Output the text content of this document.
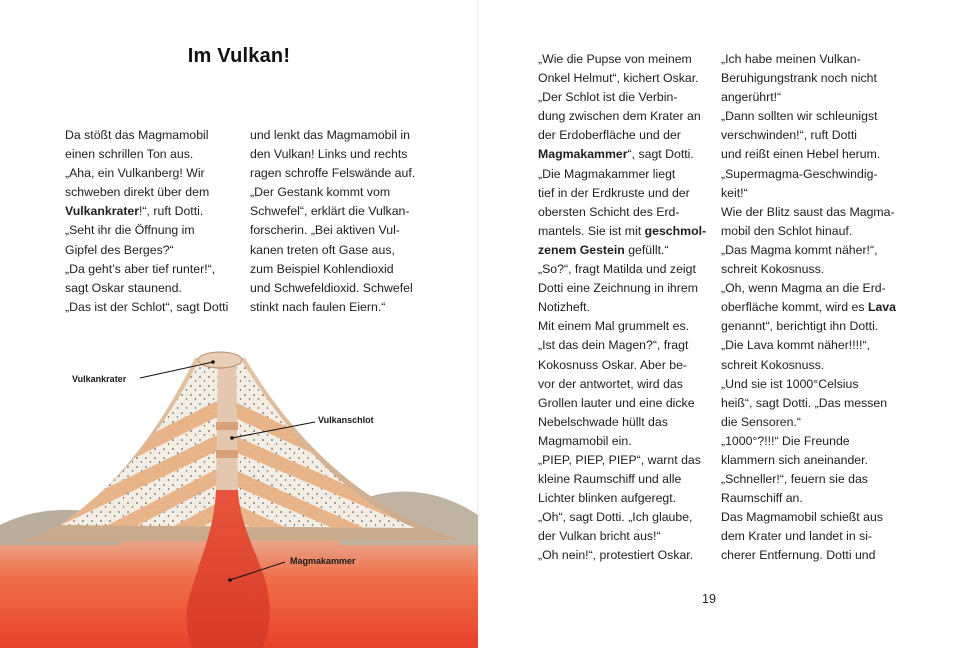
Im Vulkan!
Da stößt das Magmamobil
einen schrillen Ton aus.
„Aha, ein Vulkanberg! Wir
schweben direkt über dem
Vulkankrater!“, ruft Dotti.
„Seht ihr die Öffnung im
Gipfel des Berges?“
„Da geht’s aber tief runter!“,
sagt Oskar staunend.
„Das ist der Schlot“, sagt Dotti
und lenkt das Magmamobil in
den Vulkan! Links und rechts
ragen schroffe Felswände auf.
„Der Gestank kommt vom
Schwefel“, erklärt die Vulkan-
forscherin. „Bei aktiven Vul-
kanen treten oft Gase aus,
zum Beispiel Kohlendioxid
und Schwefeldioxid. Schwefel
stinkt nach faulen Eiern.“
„Wie die Pupse von meinem
Onkel Helmut“, kichert Oskar.
„Der Schlot ist die Verbin-
dung zwischen dem Krater an
der Erdoberfläche und der
Magmakammer“, sagt Dotti.
„Die Magmakammer liegt
tief in der Erdkruste und der
obersten Schicht des Erd-
mantels. Sie ist mit geschmol-
zenem Gestein gefüllt.“
„So?“, fragt Matilda und zeigt
Dotti eine Zeichnung in ihrem
Notizheft.
Mit einem Mal grummelt es.
„Ist das dein Magen?“, fragt
Kokosnuss Oskar. Aber be-
vor der antwortet, wird das
Grollen lauter und eine dicke
Nebelschwade hüllt das
Magmamobil ein.
„PIEP, PIEP, PIEP“, warnt das
kleine Raumschiff und alle
Lichter blinken aufgeregt.
„Oh“, sagt Dotti. „Ich glaube,
der Vulkan bricht aus!“
„Oh nein!“, protestiert Oskar.
„Ich habe meinen Vulkan-
Beruhigungstrank noch nicht
angerührt!“
„Dann sollten wir schleunigst
verschwinden!“, ruft Dotti
und reißt einen Hebel herum.
„Supermagma-Geschwindig-
keit!“
Wie der Blitz saust das Magma-
mobil den Schlot hinauf.
„Das Magma kommt näher!“,
schreit Kokosnuss.
„Oh, wenn Magma an die Erd-
oberfläche kommt, wird es Lava
genannt“, berichtigt ihn Dotti.
„Die Lava kommt näher!!!!“,
schreit Kokosnuss.
„Und sie ist 1000°Celsius
heiß“, sagt Dotti. „Das messen
die Sensoren.“
„1000°?!!!“ Die Freunde
klammern sich aneinander.
„Schneller!“, feuern sie das
Raumschiff an.
Das Magmamobil schießt aus
dem Krater und landet in si-
cherer Entfernung. Dotti und
19
Vulkankrater
Vulkanschlot
Magmakammer
